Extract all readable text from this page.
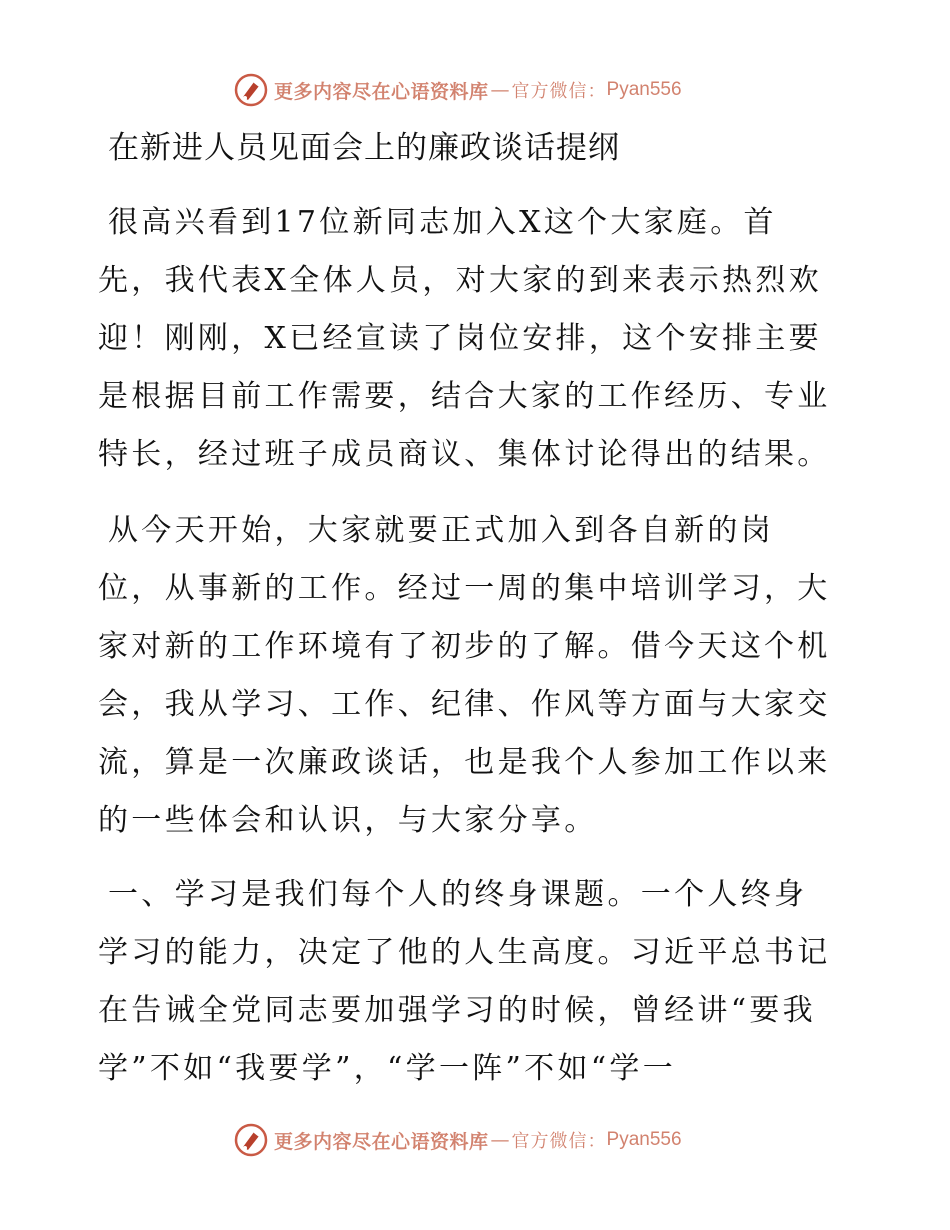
更多内容尽在心语资料库 — 官方微信： Pyan556
在新进人员见面会上的廉政谈话提纲
很高兴看到17位新同志加入X这个大家庭。首
先，我代表X全体人员，对大家的到来表示热烈欢
迎！刚刚，X已经宣读了岗位安排，这个安排主要
是根据目前工作需要，结合大家的工作经历、专业
特长，经过班子成员商议、集体讨论得出的结果。
从今天开始，大家就要正式加入到各自新的岗
位，从事新的工作。经过一周的集中培训学习，大
家对新的工作环境有了初步的了解。借今天这个机
会，我从学习、工作、纪律、作风等方面与大家交
流，算是一次廉政谈话，也是我个人参加工作以来
的一些体会和认识，与大家分享。
一、学习是我们每个人的终身课题。一个人终身
学习的能力，决定了他的人生高度。习近平总书记
在告诫全党同志要加强学习的时候，曾经讲“要我
学”不如“我要学”，“学一阵”不如“学一
更多内容尽在心语资料库 — 官方微信： Pyan556
